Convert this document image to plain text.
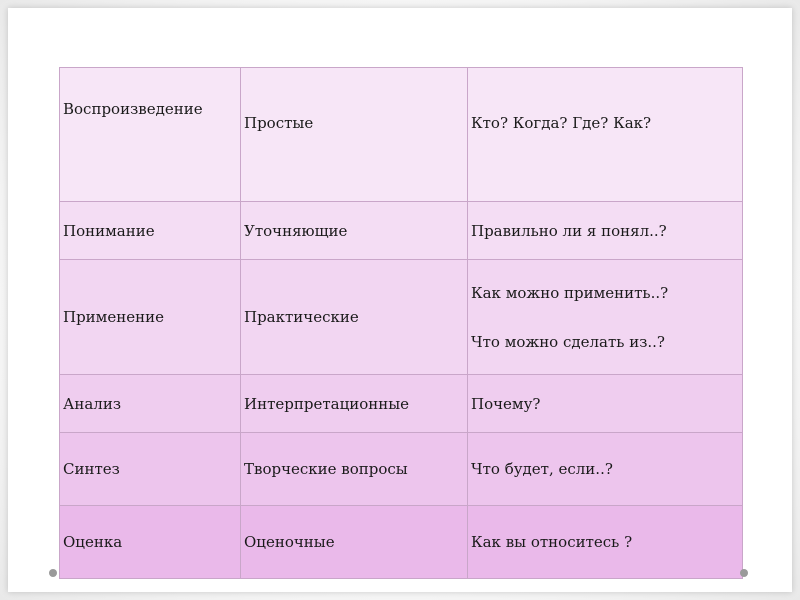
Воспроизведение	Простые	Кто? Когда? Где? Как?
Понимание	Уточняющие	Правильно ли я понял..?
Применение	Практические	Как можно применить..?
Что можно сделать из..?

Анализ	Интерпретационные	Почему?
Синтез	Творческие вопросы	Что будет, если..?
Оценка	Оценочные	Как вы относитесь ?
